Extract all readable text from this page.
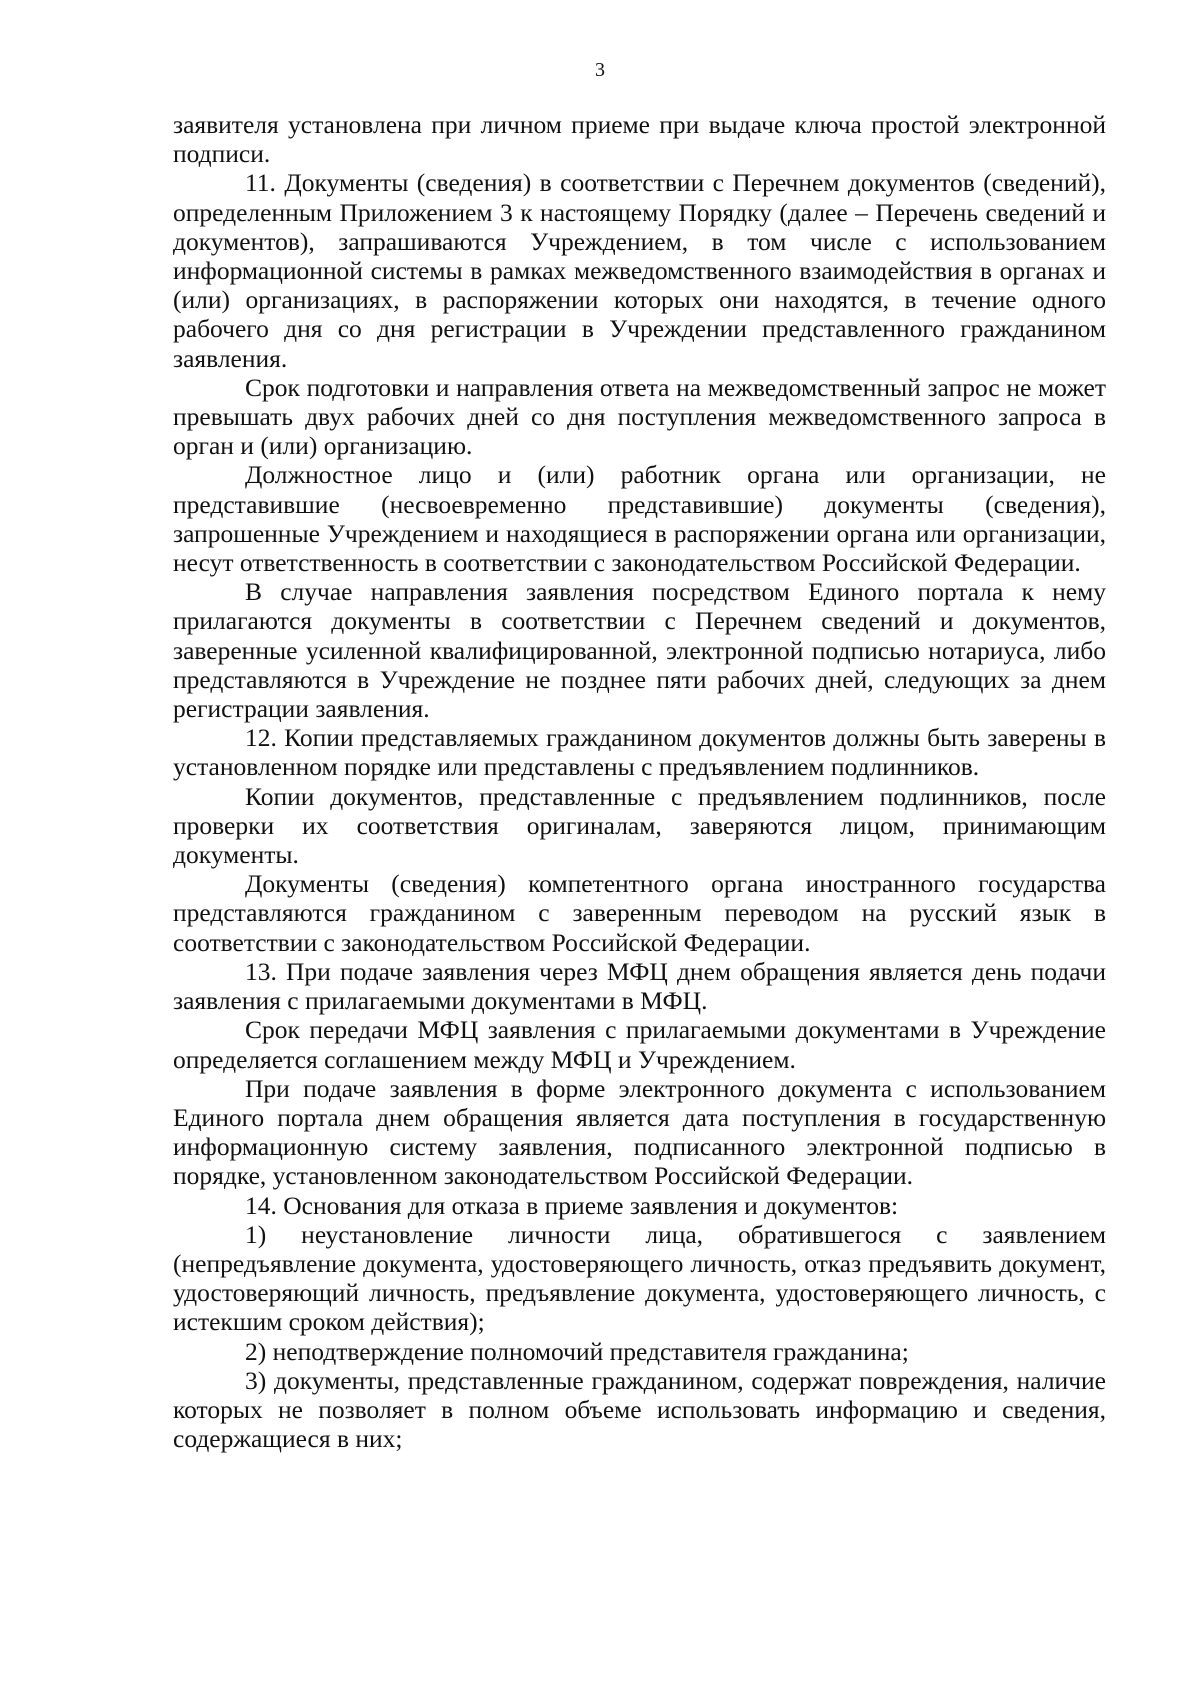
3

заявителя установлена при личном приеме при выдаче ключа простой электронной подписи.

11. Документы (сведения) в соответствии с Перечнем документов (сведений), определенным Приложением 3 к настоящему Порядку (далее – Перечень сведений и документов), запрашиваются Учреждением, в том числе с использованием информационной системы в рамках межведомственного взаимодействия в органах и (или) организациях, в распоряжении которых они находятся, в течение одного рабочего дня со дня регистрации в Учреждении представленного гражданином заявления.

Срок подготовки и направления ответа на межведомственный запрос не может превышать двух рабочих дней со дня поступления межведомственного запроса в орган и (или) организацию.

Должностное лицо и (или) работник органа или организации, не представившие (несвоевременно представившие) документы (сведения), запрошенные Учреждением и находящиеся в распоряжении органа или организации, несут ответственность в соответствии с законодательством Российской Федерации.

В случае направления заявления посредством Единого портала к нему прилагаются документы в соответствии с Перечнем сведений и документов, заверенные усиленной квалифицированной, электронной подписью нотариуса, либо представляются в Учреждение не позднее пяти рабочих дней, следующих за днем регистрации заявления.

12. Копии представляемых гражданином документов должны быть заверены в установленном порядке или представлены с предъявлением подлинников.

Копии документов, представленные с предъявлением подлинников, после проверки их соответствия оригиналам, заверяются лицом, принимающим документы.

Документы (сведения) компетентного органа иностранного государства представляются гражданином с заверенным переводом на русский язык в соответствии с законодательством Российской Федерации.

13. При подаче заявления через МФЦ днем обращения является день подачи заявления с прилагаемыми документами в МФЦ.

Срок передачи МФЦ заявления с прилагаемыми документами в Учреждение определяется соглашением между МФЦ и Учреждением.

При подаче заявления в форме электронного документа с использованием Единого портала днем обращения является дата поступления в государственную информационную систему заявления, подписанного электронной подписью в порядке, установленном законодательством Российской Федерации.

14. Основания для отказа в приеме заявления и документов:

1) неустановление личности лица, обратившегося с заявлением (непредъявление документа, удостоверяющего личность, отказ предъявить документ, удостоверяющий личность, предъявление документа, удостоверяющего личность, с истекшим сроком действия);

2) неподтверждение полномочий представителя гражданина;

3) документы, представленные гражданином, содержат повреждения, наличие которых не позволяет в полном объеме использовать информацию и сведения, содержащиеся в них;
